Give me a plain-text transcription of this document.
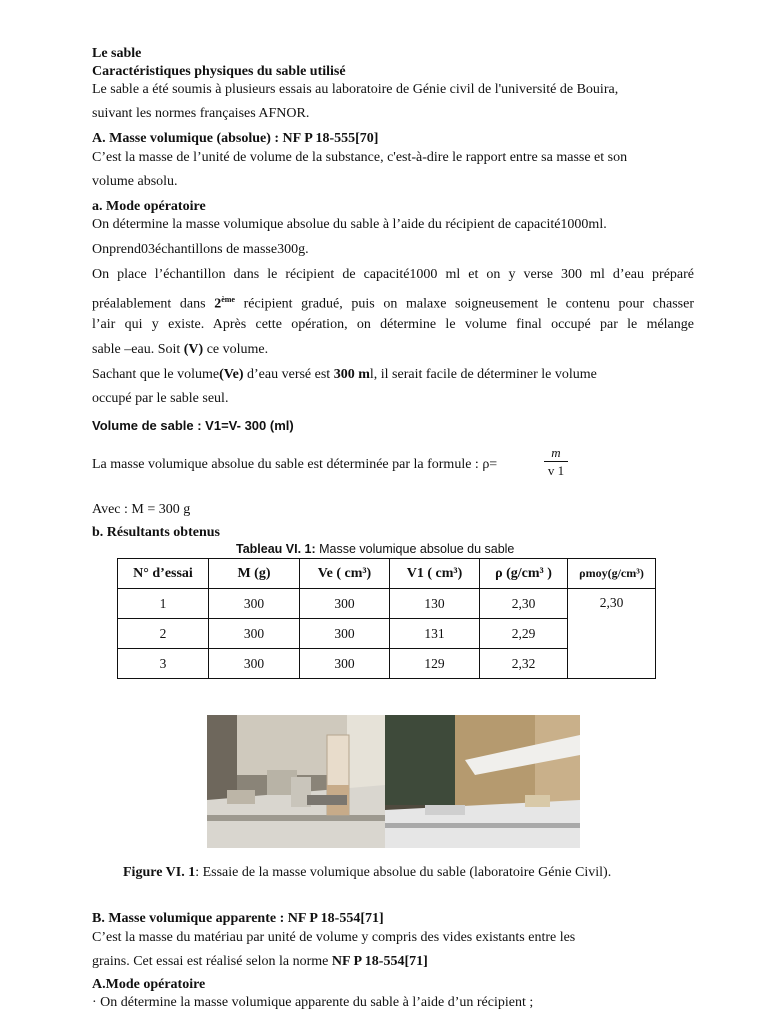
Le sable
Caractéristiques physiques du sable utilisé
Le sable a été soumis à plusieurs essais au laboratoire de Génie civil de l'université de Bouira,
suivant les normes françaises AFNOR.
A. Masse volumique (absolue) : NF P 18-555[70]
C’est la masse de l’unité de volume de la substance, c'est-à-dire le rapport entre sa masse et son
volume absolu.
a. Mode opératoire
On détermine la masse volumique absolue du sable à l’aide du récipient de capacité1000ml.
Onprend03échantillons de masse300g.
On place l’échantillon dans le récipient de capacité1000 ml et on y verse 300 ml d’eau préparé
préalablement dans 2ème récipient gradué, puis on malaxe soigneusement le contenu pour chasser
l’air qui y existe. Après cette opération, on détermine le volume final occupé par le mélange
sable –eau. Soit (V) ce volume.
Sachant que le volume(Ve) d’eau versé est 300 ml, il serait facile de déterminer le volume
occupé par le sable seul.
Volume de sable : V1=V- 300 (ml)
La masse volumique absolue du sable est déterminée par la formule : ρ=
m
v 1
Avec : M = 300 g
b. Résultants obtenus
Tableau VI. 1: Masse volumique absolue du sable
N° d’essai	M (g)	Ve ( cm³)	V1 ( cm³)	ρ (g/cm³ )	ρmoy(g/cm³)
1	300	300	130	2,30	2,30
2	300	300	131	2,29	
3	300	300	129	2,32	
Figure VI. 1: Essaie de la masse volumique absolue du sable (laboratoire Génie Civil).
B. Masse volumique apparente : NF P 18-554[71]
C’est la masse du matériau par unité de volume y compris des vides existants entre les
grains. Cet essai est réalisé selon la norme NF P 18-554[71]
A.Mode opératoire
· On détermine la masse volumique apparente du sable à l’aide d’un récipient ;
